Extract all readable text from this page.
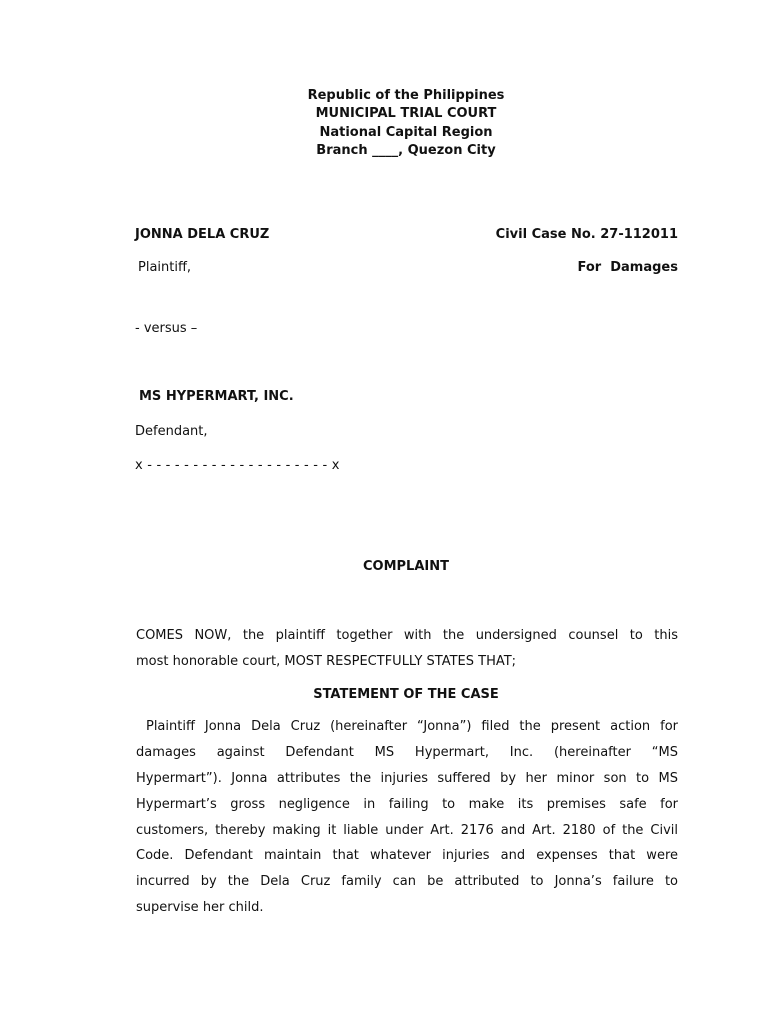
Republic of the Philippines
MUNICIPAL TRIAL COURT
National Capital Region
Branch ____, Quezon City
JONNA DELA CRUZ	Civil Case No. 27-112011
Plaintiff,	For  Damages
- versus –
MS HYPERMART, INC.
Defendant,
x - - - - - - - - - - - - - - - - - - - - x
COMPLAINT
COMES NOW, the plaintiff together with the undersigned counsel to this
most honorable court, MOST RESPECTFULLY STATES THAT;
STATEMENT OF THE CASE
Plaintiff Jonna Dela Cruz (hereinafter “Jonna”) filed the present action for
damages against Defendant MS Hypermart, Inc. (hereinafter “MS
Hypermart”). Jonna attributes the injuries suffered by her minor son to MS
Hypermart’s gross negligence in failing to make its premises safe for
customers, thereby making it liable under Art. 2176 and Art. 2180 of the Civil
Code. Defendant maintain that whatever injuries and expenses that were
incurred by the Dela Cruz family can be attributed to Jonna’s failure to
supervise her child.
